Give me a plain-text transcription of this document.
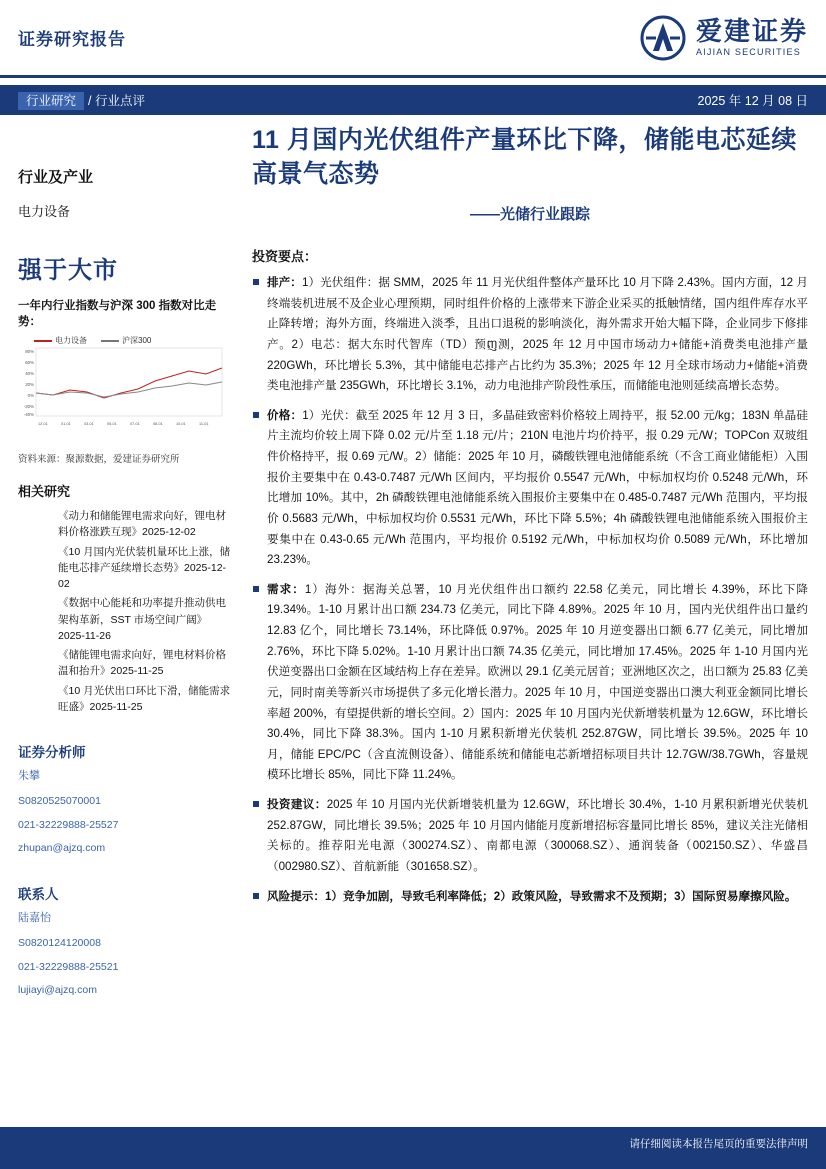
证券研究报告	爱建证券
AIJIAN SECURITIES
行业研究 / 行业点评	2025 年 12 月 08 日
行业及产业
电力设备
强于大市
一年内行业指数与沪深 300 指数对比走势：
电力设备	沪深300
80%
60%
40%
20%
0%
-20%
-40%
12-01	01-01	03-01	05-01	07-01	08-01	10-01	11-01
资料来源：聚源数据，爱建证券研究所
相关研究
《动力和储能锂电需求向好，锂电材料价格涨跌互现》2025-12-02
《10 月国内光伏装机量环比上涨，储能电芯排产延续增长态势》2025-12-02
《数据中心能耗和功率提升推动供电架构革新，SST 市场空间广阔》2025-11-26
《储能锂电需求向好，锂电材料价格温和抬升》2025-11-25
《10 月光伏出口环比下滑，储能需求旺盛》2025-11-25
证券分析师
朱攀
S0820525070001
021-32229888-25527
zhupan@ajzq.com
联系人
陆嘉怡
S0820124120008
021-32229888-25521
lujiayi@ajzq.com
11 月国内光伏组件产量环比下降，储能电芯延续高景气态势
——光储行业跟踪
投资要点：
排产：1）光伏组件：据 SMM，2025 年 11 月光伏组件整体产量环比 10 月下降 2.43%。国内方面，12 月终端装机进展不及企业心理预期，同时组件价格的上涨带来下游企业采买的抵触情绪，国内组件库存水平止降转增；海外方面，终端进入淡季，且出口退税的影响淡化，海外需求开始大幅下降，企业同步下修排产。2）电芯：据大东时代智库（TD）预ញ测，2025 年 12 月中国市场动力+储能+消费类电池排产量 220GWh，环比增长 5.3%，其中储能电芯排产占比约为 35.3%；2025 年 12 月全球市场动力+储能+消费类电池排产量 235GWh，环比增长 3.1%，动力电池排产阶段性承压，而储能电池则延续高增长态势。
价格：1）光伏：截至 2025 年 12 月 3 日，多晶硅致密料价格较上周持平，报 52.00 元/kg；183N 单晶硅片主流均价较上周下降 0.02 元/片至 1.18 元/片；210N 电池片均价持平，报 0.29 元/W；TOPCon 双玻组件价格持平，报 0.69 元/W。2）储能：2025 年 10 月，磷酸铁锂电池储能系统（不含工商业储能柜）入围报价主要集中在 0.43-0.7487 元/Wh 区间内，平均报价 0.5547 元/Wh，中标加权均价 0.5248 元/Wh，环比增加 10%。其中，2h 磷酸铁锂电池储能系统入围报价主要集中在 0.485-0.7487 元/Wh 范围内，平均报价 0.5683 元/Wh，中标加权均价 0.5531 元/Wh，环比下降 5.5%；4h 磷酸铁锂电池储能系统入围报价主要集中在 0.43-0.65 元/Wh 范围内，平均报价 0.5192 元/Wh，中标加权均价 0.5089 元/Wh，环比增加 23.23%。
需求：1）海外：据海关总署，10 月光伏组件出口额约 22.58 亿美元，同比增长 4.39%，环比下降 19.34%。1-10 月累计出口额 234.73 亿美元，同比下降 4.89%。2025 年 10 月，国内光伏组件出口量约 12.83 亿个，同比增长 73.14%，环比降低 0.97%。2025 年 10 月逆变器出口额 6.77 亿美元，同比增加 2.76%，环比下降 5.02%。1-10 月累计出口额 74.35 亿美元，同比增加 17.45%。2025 年 1-10 月国内光伏逆变器出口金额在区域结构上存在差异。欧洲以 29.1 亿美元居首；亚洲地区次之，出口额为 25.83 亿美元，同时南美等新兴市场提供了多元化增长潜力。2025 年 10 月，中国逆变器出口澳大利亚金额同比增长率超 200%，有望提供新的增长空间。2）国内：2025 年 10 月国内光伏新增装机量为 12.6GW，环比增长 30.4%，同比下降 38.3%。国内 1-10 月累积新增光伏装机 252.87GW，同比增长 39.5%。2025 年 10 月，储能 EPC/PC（含直流侧设备）、储能系统和储能电芯新增招标项目共计 12.7GW/38.7GWh，容量规模环比增长 85%，同比下降 11.24%。
投资建议：2025 年 10 月国内光伏新增装机量为 12.6GW，环比增长 30.4%，1-10 月累积新增光伏装机 252.87GW，同比增长 39.5%；2025 年 10 月国内储能月度新增招标容量同比增长 85%，建议关注光储相关标的。推荐阳光电源（300274.SZ）、南都电源（300068.SZ）、通润装备（002150.SZ）、华盛昌（002980.SZ）、首航新能（301658.SZ）。
风险提示：1）竞争加剧，导致毛利率降低；2）政策风险，导致需求不及预期；3）国际贸易摩擦风险。
请仔细阅读本报告尾页的重要法律声明
